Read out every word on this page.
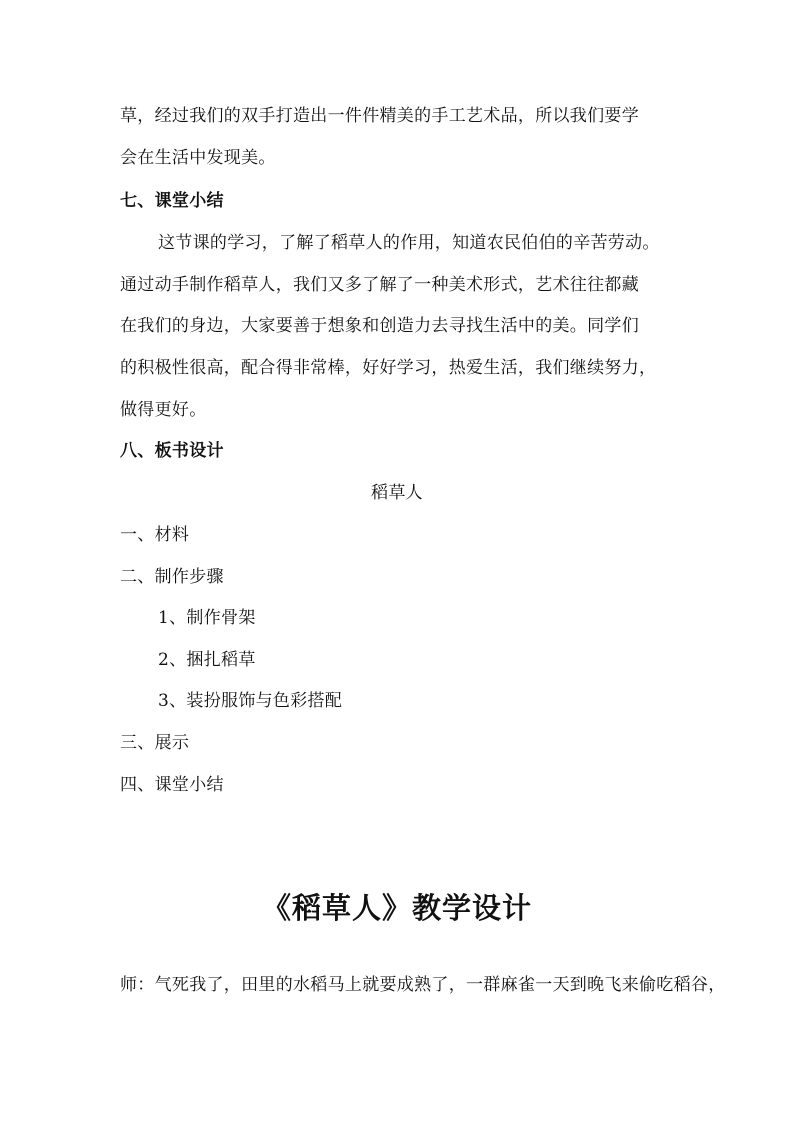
草，经过我们的双手打造出一件件精美的手工艺术品，所以我们要学
会在生活中发现美。
七、课堂小结
这节课的学习，了解了稻草人的作用，知道农民伯伯的辛苦劳动。
通过动手制作稻草人，我们又多了解了一种美术形式，艺术往往都藏
在我们的身边，大家要善于想象和创造力去寻找生活中的美。同学们
的积极性很高，配合得非常棒，好好学习，热爱生活，我们继续努力，
做得更好。
八、板书设计
稻草人
一、材料
二、制作步骤
1、制作骨架
2、捆扎稻草
3、装扮服饰与色彩搭配
三、展示
四、课堂小结
《稻草人》教学设计
师：气死我了，田里的水稻马上就要成熟了，一群麻雀一天到晚飞来偷吃稻谷，
